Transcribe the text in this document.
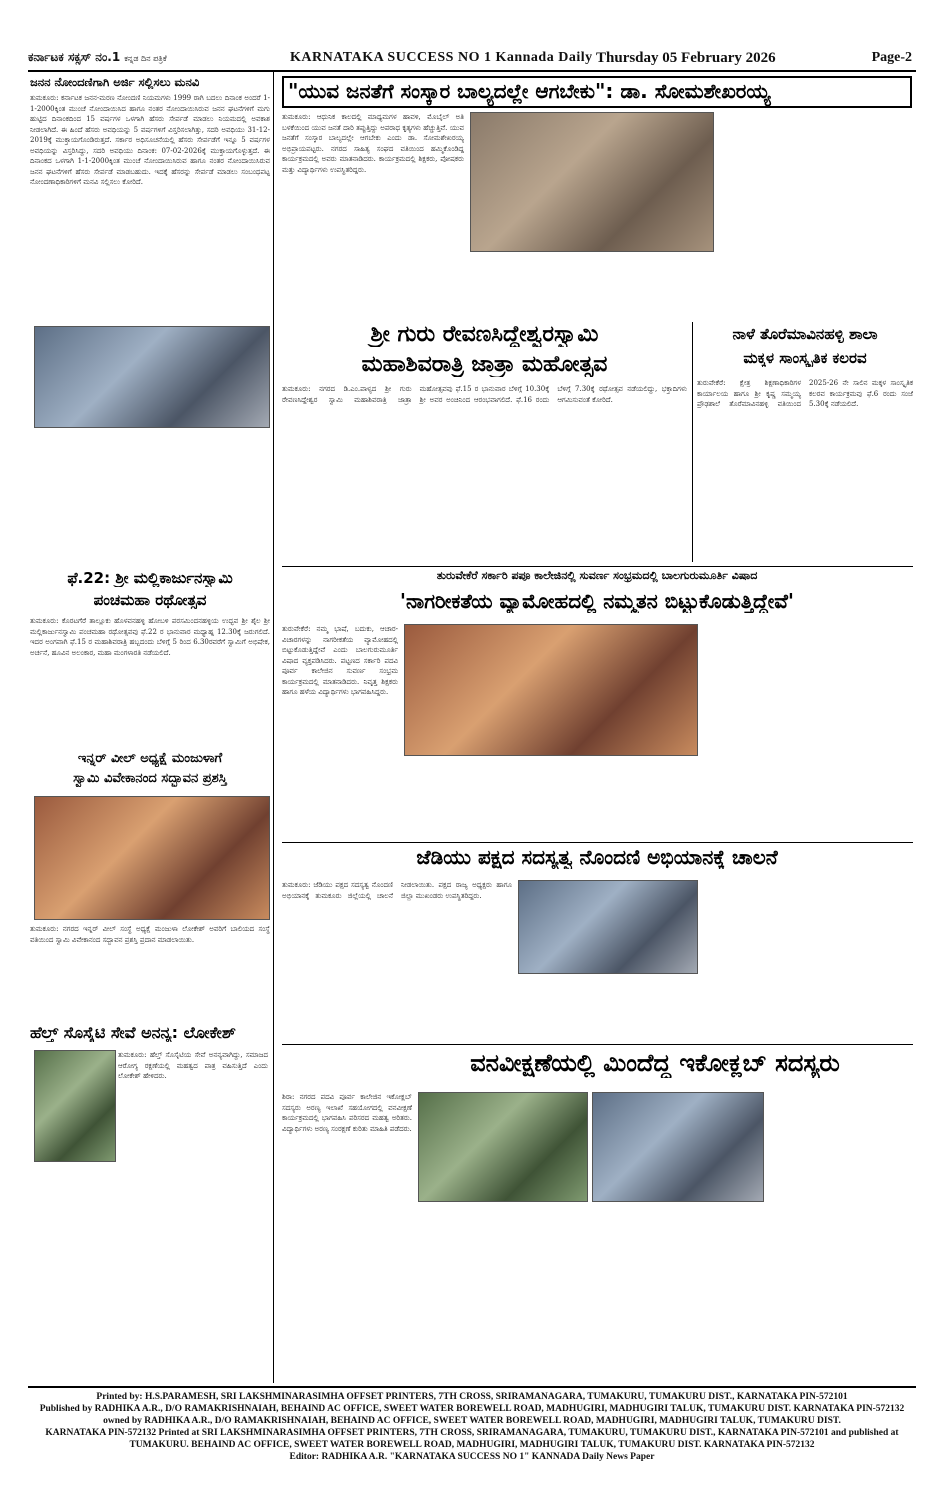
ಕರ್ನಾಟಕ ಸಕ್ಸಸ್ ನಂ.1 ಕನ್ನಡ ದಿನ ಪತ್ರಿಕೆ	KARNATAKA SUCCESS NO 1 Kannada Daily Thursday 05 February 2026	Page-2
ಜನನ ನೋಂದಣಿಗಾಗಿ ಅರ್ಜಿ ಸಲ್ಲಿಸಲು ಮನವಿ
ತುಮಕೂರು: ಕರ್ನಾಟಕ ಜನನ-ಮರಣ ನೋಂದಣಿ ನಿಯಮಗಳು 1999 ರಾಗಿ ಬದಲು ದಿನಾಂಕ ಅಂದರೆ 1-1-2000ಕ್ಕಿಂತ ಮುಂಚೆ ನೋಂದಾಯಿಸಿದ ಹಾಗೂ ನಂತರ ನೋಂದಾಯಿಸಿರುವ ಜನನ ಘಟನೆಗಳಿಗೆ ಮಗು ಹುಟ್ಟಿದ ದಿನಾಂಕದಿಂದ 15 ವರ್ಷಗಳ ಒಳಗಾಗಿ ಹೆಸರು ಸೇರ್ಪಡೆ ಮಾಡಲು ನಿಯಮದಲ್ಲಿ ಅವಕಾಶ ನೀಡಲಾಗಿದೆ. ಈ ಹಿಂದೆ ಹೆಸರು ಅವಧಿಯನ್ನು 5 ವರ್ಷಗಳಿಗೆ ವಿಸ್ತರಿಸಲಾಗಿತ್ತು, ಸದರಿ ಅವಧಿಯು 31-12-2019ಕ್ಕೆ ಮುಕ್ತಾಯಗೊಂಡಿರುತ್ತದೆ. ಸರ್ಕಾರ ಅಧಿಸೂಚನೆಯಲ್ಲಿ ಹೆಸರು ಸೇರ್ಪಡೆಗೆ ಇನ್ನೂ 5 ವರ್ಷಗಳ ಅವಧಿಯನ್ನು ವಿಸ್ತರಿಸಿದ್ದು, ಸದರಿ ಅವಧಿಯು ದಿನಾಂಕ: 07-02-2026ಕ್ಕೆ ಮುಕ್ತಾಯಗೊಳ್ಳುತ್ತದೆ. ಈ ದಿನಾಂಕದ ಒಳಗಾಗಿ 1-1-2000ಕ್ಕಿಂತ ಮುಂಚೆ ನೋಂದಾಯಿಸಿರುವ ಹಾಗೂ ನಂತರ ನೋಂದಾಯಿಸಿರುವ ಜನನ ಘಟನೆಗಳಿಗೆ ಹೆಸರು ಸೇರ್ಪಡೆ ಮಾಡಬಹುದು. ಇದಕ್ಕೆ ಹೆಸರನ್ನು ಸೇರ್ಪಡೆ ಮಾಡಲು ಸಂಬಂಧಪಟ್ಟ ನೋಂದಣಾಧಿಕಾರಿಗಳಿಗೆ ಮನವಿ ಸಲ್ಲಿಸಲು ಕೋರಿದೆ.
ಫೆ.22: ಶ್ರೀ ಮಲ್ಲಿಕಾರ್ಜುನಸ್ವಾಮಿ
ಪಂಚಮಹಾ ರಥೋತ್ಸವ
ತುಮಕೂರು: ಕೊರಟಗೆರೆ ತಾಲ್ಲೂಕು ಹೊಳವನಹಳ್ಳಿ ಹೋಬಳಿ ಪರಸಮಿಂದನಹಳ್ಳಿಯ ಉದ್ಭವ ಶ್ರೀ ಶೈಲ ಶ್ರೀ ಮಲ್ಲಿಕಾರ್ಜುನಸ್ವಾಮಿ ಪಂಚಮಹಾ ರಥೋತ್ಸವವು ಫೆ.22 ರ ಭಾನುವಾರ ಮಧ್ಯಾಹ್ನ 12.30ಕ್ಕೆ ಜರುಗಲಿದೆ. ಇದರ ಅಂಗವಾಗಿ ಫೆ.15 ರ ಮಹಾಶಿವರಾತ್ರಿ ಹಬ್ಬದಂದು ಬೆಳಿಗ್ಗೆ 5 ರಿಂದ 6.30ರವರೆಗೆ ಸ್ವಾಮಿಗೆ ಅಭಿಷೇಕ, ಅರ್ಚನೆ, ಹೂವಿನ ಅಲಂಕಾರ, ಮಹಾ ಮಂಗಳಾರತಿ ನಡೆಯಲಿದೆ.
ಇನ್ನರ್ ವೀಲ್ ಅಧ್ಯಕ್ಷೆ ಮಂಜುಳಾಗೆ
ಸ್ವಾಮಿ ವಿವೇಕಾನಂದ ಸದ್ಭಾವನ ಪ್ರಶಸ್ತಿ
ತುಮಕೂರು: ನಗರದ ಇನ್ನರ್ ವೀಲ್ ಸಂಸ್ಥೆ ಅಧ್ಯಕ್ಷೆ ಮಂಜುಳಾ ಲೋಕೇಶ್ ಅವರಿಗೆ ಬಾಲಿಯದ ಸಂಸ್ಥೆ ವತಿಯಿಂದ ಸ್ವಾಮಿ ವಿವೇಕಾನಂದ ಸದ್ಭಾವನ ಪ್ರಶಸ್ತಿ ಪ್ರದಾನ ಮಾಡಲಾಯಿತು.
ಹೆಲ್ತ್ ಸೊಸೈಟಿ ಸೇವೆ ಅನನ್ಯ: ಲೋಕೇಶ್
ತುಮಕೂರು: ಹೆಲ್ತ್ ಸೊಸೈಟಿಯ ಸೇವೆ ಅನನ್ಯವಾಗಿದ್ದು, ಸಮಾಜದ ಆರೋಗ್ಯ ರಕ್ಷಣೆಯಲ್ಲಿ ಮಹತ್ವದ ಪಾತ್ರ ವಹಿಸುತ್ತಿದೆ ಎಂದು ಲೋಕೇಶ್ ಹೇಳಿದರು.
"ಯುವ ಜನತೆಗೆ ಸಂಸ್ಕಾರ ಬಾಲ್ಯದಲ್ಲೇ ಆಗಬೇಕು": ಡಾ. ಸೋಮಶೇಖರಯ್ಯ
ತುಮಕೂರು: ಆಧುನಿಕ ಕಾಲದಲ್ಲಿ ಮಾಧ್ಯಮಗಳ ಹಾವಳಿ, ಮೊಬೈಲ್ ಅತಿ ಬಳಕೆಯಿಂದ ಯುವ ಜನತೆ ದಾರಿ ತಪ್ಪುತ್ತಿದ್ದು ಅಪರಾಧ ಕೃತ್ಯಗಳು ಹೆಚ್ಚುತ್ತಿವೆ. ಯುವ ಜನತೆಗೆ ಸಂಸ್ಕಾರ ಬಾಲ್ಯದಲ್ಲೇ ಆಗಬೇಕು ಎಂದು ಡಾ. ಸೋಮಶೇಖರಯ್ಯ ಅಭಿಪ್ರಾಯಪಟ್ಟರು. ನಗರದ ಸಾಹಿತ್ಯ ಸಂಘದ ವತಿಯಿಂದ ಹಮ್ಮಿಕೊಂಡಿದ್ದ ಕಾರ್ಯಕ್ರಮದಲ್ಲಿ ಅವರು ಮಾತನಾಡಿದರು. ಕಾರ್ಯಕ್ರಮದಲ್ಲಿ ಶಿಕ್ಷಕರು, ಪೋಷಕರು ಮತ್ತು ವಿದ್ಯಾರ್ಥಿಗಳು ಉಪಸ್ಥಿತರಿದ್ದರು.
ಶ್ರೀ ಗುರು ರೇವಣಸಿದ್ದೇಶ್ವರಸ್ವಾಮಿ
ಮಹಾಶಿವರಾತ್ರಿ ಜಾತ್ರಾ ಮಹೋತ್ಸವ
ತುಮಕೂರು: ನಗರದ ಡಿ.ಎಂ.ಪಾಳ್ಯದ ಶ್ರೀ ಗುರು ರೇವಣಸಿದ್ದೇಶ್ವರ ಸ್ವಾಮಿ ಮಹಾಶಿವರಾತ್ರಿ ಜಾತ್ರಾ ಮಹೋತ್ಸವವು ಫೆ.15 ರ ಭಾನುವಾರ ಬೆಳಿಗ್ಗೆ 10.30ಕ್ಕೆ ಶ್ರೀ ಅವರ ಅಂಚಿನಿಂದ ಆರಂಭವಾಗಲಿದೆ. ಫೆ.16 ರಂದು ಬೆಳಿಗ್ಗೆ 7.30ಕ್ಕೆ ರಥೋತ್ಸವ ನಡೆಯಲಿದ್ದು, ಭಕ್ತಾದಿಗಳು ಆಗಮಿಸುವಂತೆ ಕೋರಿದೆ.
ನಾಳೆ ತೊರೆಮಾವಿನಹಳ್ಳಿ ಶಾಲಾ
ಮಕ್ಕಳ ಸಾಂಸ್ಕೃತಿಕ ಕಲರವ
ತುರುವೇಕೆರೆ: ಕ್ಷೇತ್ರ ಶಿಕ್ಷಣಾಧಿಕಾರಿಗಳ ಕಾರ್ಯಾಲಯ ಹಾಗೂ ಶ್ರೀ ಕೃಷ್ಣ ಸಮ್ಮಯ್ಯ ಪ್ರೌಢಶಾಲೆ ತೊರೆಮಾವಿನಹಳ್ಳಿ ವತಿಯಿಂದ 2025-26 ನೇ ಸಾಲಿನ ಮಕ್ಕಳ ಸಾಂಸ್ಕೃತಿಕ ಕಲರವ ಕಾರ್ಯಕ್ರಮವು ಫೆ.6 ರಂದು ಸಂಜೆ 5.30ಕ್ಕೆ ನಡೆಯಲಿದೆ.
ತುರುವೇಕೆರೆ ಸರ್ಕಾರಿ ಪಪೂ ಕಾಲೇಜಿನಲ್ಲಿ ಸುವರ್ಣ ಸಂಭ್ರಮದಲ್ಲಿ ಬಾಲಗುರುಮೂರ್ತಿ ವಿಷಾದ
'ನಾಗರೀಕತೆಯ ವ್ಯಾಮೋಹದಲ್ಲಿ ನಮ್ಮತನ ಬಿಟ್ಟುಕೊಡುತ್ತಿದ್ದೇವೆ'
ತುರುವೇಕೆರೆ: ನಮ್ಮ ಭಾಷೆ, ಬದುಕು, ಆಚಾರ-ವಿಚಾರಗಳನ್ನು ನಾಗರೀಕತೆಯ ವ್ಯಾಮೋಹದಲ್ಲಿ ಬಿಟ್ಟುಕೊಡುತ್ತಿದ್ದೇವೆ ಎಂದು ಬಾಲಗುರುಮೂರ್ತಿ ವಿಷಾದ ವ್ಯಕ್ತಪಡಿಸಿದರು. ಪಟ್ಟಣದ ಸರ್ಕಾರಿ ಪದವಿ ಪೂರ್ವ ಕಾಲೇಜಿನ ಸುವರ್ಣ ಸಂಭ್ರಮ ಕಾರ್ಯಕ್ರಮದಲ್ಲಿ ಮಾತನಾಡಿದರು. ನಿವೃತ್ತ ಶಿಕ್ಷಕರು ಹಾಗೂ ಹಳೆಯ ವಿದ್ಯಾರ್ಥಿಗಳು ಭಾಗವಹಿಸಿದ್ದರು.
ಜೆಡಿಯು ಪಕ್ಷದ ಸದಸ್ಯತ್ವ ನೊಂದಣಿ ಅಭಿಯಾನಕ್ಕೆ ಚಾಲನೆ
ತುಮಕೂರು: ಜೆಡಿಯು ಪಕ್ಷದ ಸದಸ್ಯತ್ವ ನೊಂದಣಿ ಅಭಿಯಾನಕ್ಕೆ ತುಮಕೂರು ಜಿಲ್ಲೆಯಲ್ಲಿ ಚಾಲನೆ ನೀಡಲಾಯಿತು. ಪಕ್ಷದ ರಾಜ್ಯ ಅಧ್ಯಕ್ಷರು ಹಾಗೂ ಜಿಲ್ಲಾ ಮುಖಂಡರು ಉಪಸ್ಥಿತರಿದ್ದರು.
ವನವೀಕ್ಷಣೆಯಲ್ಲಿ ಮಿಂದೆದ್ದ ಇಕೋಕ್ಲಬ್ ಸದಸ್ಯರು
ಶಿರಾ: ನಗರದ ಪದವಿ ಪೂರ್ವ ಕಾಲೇಜಿನ ಇಕೋಕ್ಲಬ್ ಸದಸ್ಯರು ಅರಣ್ಯ ಇಲಾಖೆ ಸಹಯೋಗದಲ್ಲಿ ವನವೀಕ್ಷಣೆ ಕಾರ್ಯಕ್ರಮದಲ್ಲಿ ಭಾಗವಹಿಸಿ ಪರಿಸರದ ಮಹತ್ವ ಅರಿತರು. ವಿದ್ಯಾರ್ಥಿಗಳು ಅರಣ್ಯ ಸಂರಕ್ಷಣೆ ಕುರಿತು ಮಾಹಿತಿ ಪಡೆದರು.
Printed by: H.S.PARAMESH, SRI LAKSHMINARASIMHA OFFSET PRINTERS, 7TH CROSS, SRIRAMANAGARA, TUMAKURU, TUMAKURU DIST., KARNATAKA PIN-572101
Published by RADHIKA A.R., D/O RAMAKRISHNAIAH, BEHAIND AC OFFICE, SWEET WATER BOREWELL ROAD, MADHUGIRI, MADHUGIRI TALUK, TUMAKURU DIST. KARNATAKA PIN-572132 owned by RADHIKA A.R., D/O RAMAKRISHNAIAH, BEHAIND AC OFFICE, SWEET WATER BOREWELL ROAD, MADHUGIRI, MADHUGIRI TALUK, TUMAKURU DIST.
KARNATAKA PIN-572132 Printed at SRI LAKSHMINARASIMHA OFFSET PRINTERS, 7TH CROSS, SRIRAMANAGARA, TUMAKURU, TUMAKURU DIST., KARNATAKA PIN-572101 and published at TUMAKURU. BEHAIND AC OFFICE, SWEET WATER BOREWELL ROAD, MADHUGIRI, MADHUGIRI TALUK, TUMAKURU DIST. KARNATAKA PIN-572132
Editor: RADHIKA A.R. "KARNATAKA SUCCESS NO 1" KANNADA Daily News Paper
